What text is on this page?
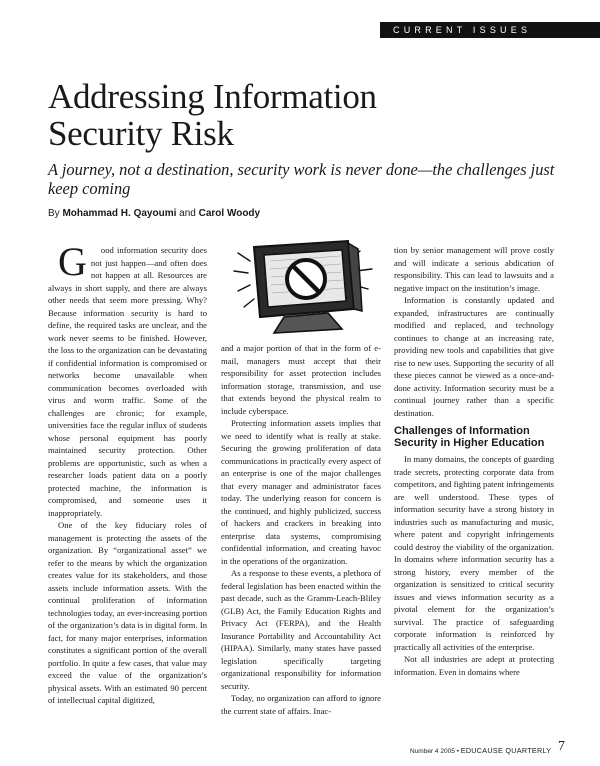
CURRENT ISSUES
Addressing Information
Security Risk

A journey, not a destination, security work is never done—the challenges just keep coming

By Mohammad H. Qayoumi and Carol Woody

G ood information security does not just happen—and often does not happen at all. Resources are always in short supply, and there are always other needs that seem more pressing. Why? Because information security is hard to define, the required tasks are unclear, and the work never seems to be finished. However, the loss to the organization can be devastating if confidential information is compromised or networks become unavailable when communication becomes overloaded with virus and worm traffic. Some of the challenges are chronic; for example, universities face the regular influx of students whose personal equipment has poorly maintained security protection. Other problems are opportunistic, such as when a researcher loads patient data on a poorly protected machine, the information is compromised, and someone uses it inappropriately.

One of the key fiduciary roles of management is protecting the assets of the organization. By “organizational asset” we refer to the means by which the organization creates value for its stakeholders, and those assets include information assets. With the continual proliferation of information technologies today, an ever-increasing portion of the organization’s data is in digital form. In fact, for many major enterprises, information constitutes a significant portion of the overall portfolio. In quite a few cases, that value may exceed the value of the organization’s physical assets. With an estimated 90 percent of intellectual capital digitized,

and a major portion of that in the form of e-mail, managers must accept that their responsibility for asset protection includes information storage, transmission, and use that extends beyond the physical realm to include cyberspace.

Protecting information assets implies that we need to identify what is really at stake. Securing the growing proliferation of data communications in practically every aspect of an enterprise is one of the major challenges that every manager and administrator faces today. The underlying reason for concern is the continued, and highly publicized, success of hackers and crackers in breaking into enterprise data systems, compromising confidential information, and creating havoc in the operations of the organization.

As a response to these events, a plethora of federal legislation has been enacted within the past decade, such as the Gramm-Leach-Bliley (GLB) Act, the Family Education Rights and Privacy Act (FERPA), and the Health Insurance Portability and Accountability Act (HIPAA). Similarly, many states have passed legislation specifically targeting organizational responsibility for information security.

Today, no organization can afford to ignore the current state of affairs. Inac-

tion by senior management will prove costly and will indicate a serious abdication of responsibility. This can lead to lawsuits and a negative impact on the institution’s image.

Information is constantly updated and expanded, infrastructures are continually modified and replaced, and technology continues to change at an increasing rate, providing new tools and capabilities that give rise to new uses. Supporting the security of all these pieces cannot be viewed as a once-and-done activity. Information security must be a continual journey rather than a specific destination.

Challenges of Information Security in Higher Education

In many domains, the concepts of guarding trade secrets, protecting corporate data from competitors, and fighting patent infringements are well understood. These types of information security have a strong history in industries such as manufacturing and music, where patent and copyright infringements could destroy the viability of the organization. In domains where information security has a strong history, every member of the organization is sensitized to critical security issues and views information security as a pivotal element for the organization’s survival. The practice of safeguarding corporate information is reinforced by practically all activities of the enterprise.

Not all industries are adept at protecting information. Even in domains where

Number 4 2005 • EDUCAUSE QUARTERLY 7
